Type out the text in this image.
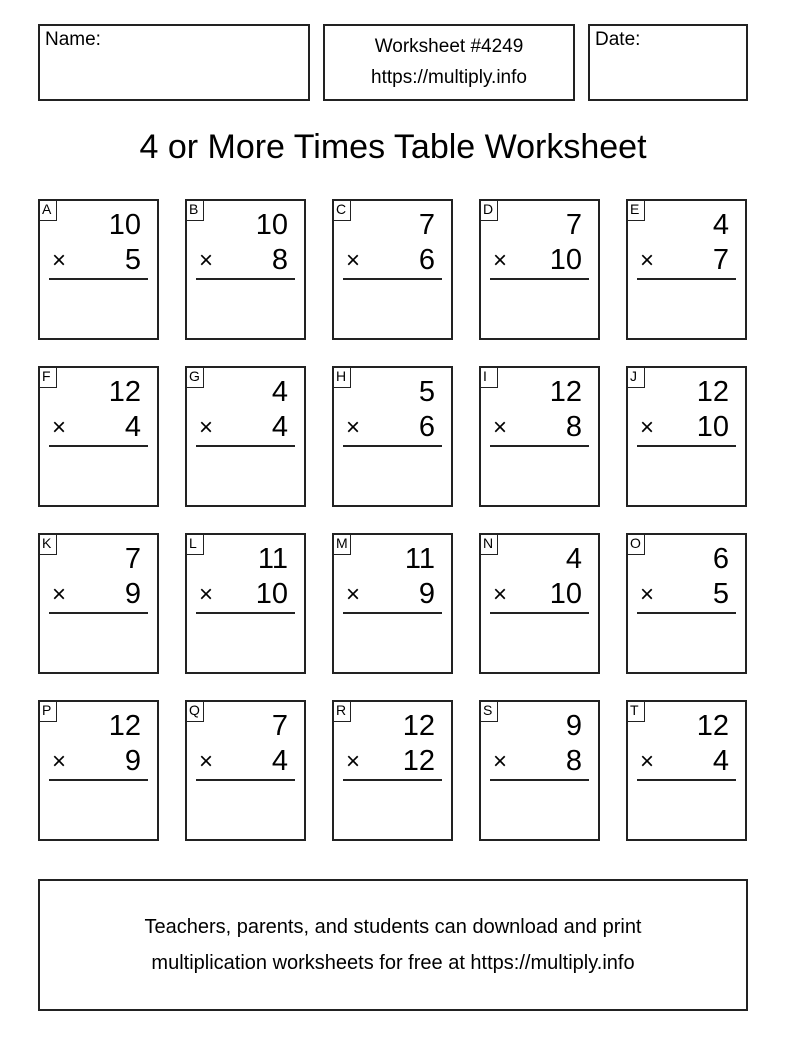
Name:	Worksheet #4249
https://multiply.info
Date:
4 or More Times Table Worksheet
A 10
× 5
B 10
× 8
C	7
× 6
D	7
× 10
E	4
× 7
F 12
× 4
G 4
× 4
H	5
× 6
I	12
× 8
J 12
× 10
K	7
× 9
L 11
× 10
M 11
× 9
N	4
× 10
O 6
× 5
P 12
× 9
Q 7
× 4
R 12
× 12
S	9
× 8
T 12
× 4
Teachers, parents, and students can download and print
multiplication worksheets for free at https://multiply.info
